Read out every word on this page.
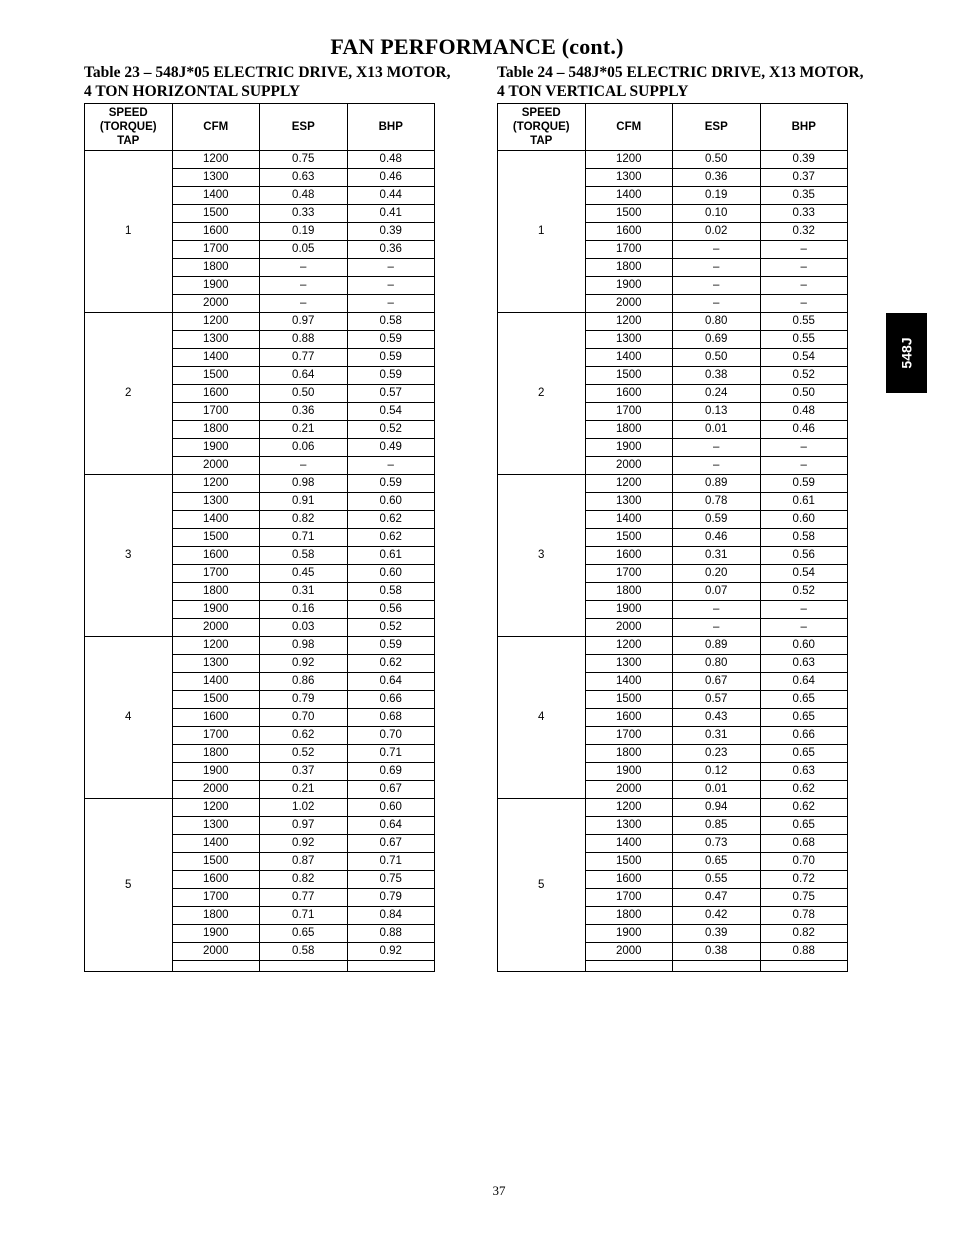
FAN PERFORMANCE (cont.)
Table 23 – 548J*05 ELECTRIC DRIVE, X13 MOTOR,
4 TON HORIZONTAL SUPPLY
SPEED
(TORQUE)
TAP	CFM	ESP	BHP
1	1200	0.75	0.48
	1300	0.63	0.46
	1400	0.48	0.44
	1500	0.33	0.41
	1600	0.19	0.39
	1700	0.05	0.36
	1800	–	–
	1900	–	–
	2000	–	–
2	1200	0.97	0.58
	1300	0.88	0.59
	1400	0.77	0.59
	1500	0.64	0.59
	1600	0.50	0.57
	1700	0.36	0.54
	1800	0.21	0.52
	1900	0.06	0.49
	2000	–	–
3	1200	0.98	0.59
	1300	0.91	0.60
	1400	0.82	0.62
	1500	0.71	0.62
	1600	0.58	0.61
	1700	0.45	0.60
	1800	0.31	0.58
	1900	0.16	0.56
	2000	0.03	0.52
4	1200	0.98	0.59
	1300	0.92	0.62
	1400	0.86	0.64
	1500	0.79	0.66
	1600	0.70	0.68
	1700	0.62	0.70
	1800	0.52	0.71
	1900	0.37	0.69
	2000	0.21	0.67
5	1200	1.02	0.60
	1300	0.97	0.64
	1400	0.92	0.67
	1500	0.87	0.71
	1600	0.82	0.75
	1700	0.77	0.79
	1800	0.71	0.84
	1900	0.65	0.88
	2000	0.58	0.92

Table 24 – 548J*05 ELECTRIC DRIVE, X13 MOTOR,
4 TON VERTICAL SUPPLY
SPEED
(TORQUE)
TAP	CFM	ESP	BHP
1	1200	0.50	0.39
	1300	0.36	0.37
	1400	0.19	0.35
	1500	0.10	0.33
	1600	0.02	0.32
	1700	–	–
	1800	–	–
	1900	–	–
	2000	–	–
2	1200	0.80	0.55
	1300	0.69	0.55
	1400	0.50	0.54
	1500	0.38	0.52
	1600	0.24	0.50
	1700	0.13	0.48
	1800	0.01	0.46
	1900	–	–
	2000	–	–
3	1200	0.89	0.59
	1300	0.78	0.61
	1400	0.59	0.60
	1500	0.46	0.58
	1600	0.31	0.56
	1700	0.20	0.54
	1800	0.07	0.52
	1900	–	–
	2000	–	–
4	1200	0.89	0.60
	1300	0.80	0.63
	1400	0.67	0.64
	1500	0.57	0.65
	1600	0.43	0.65
	1700	0.31	0.66
	1800	0.23	0.65
	1900	0.12	0.63
	2000	0.01	0.62
5	1200	0.94	0.62
	1300	0.85	0.65
	1400	0.73	0.68
	1500	0.65	0.70
	1600	0.55	0.72
	1700	0.47	0.75
	1800	0.42	0.78
	1900	0.39	0.82
	2000	0.38	0.88

548J
37
